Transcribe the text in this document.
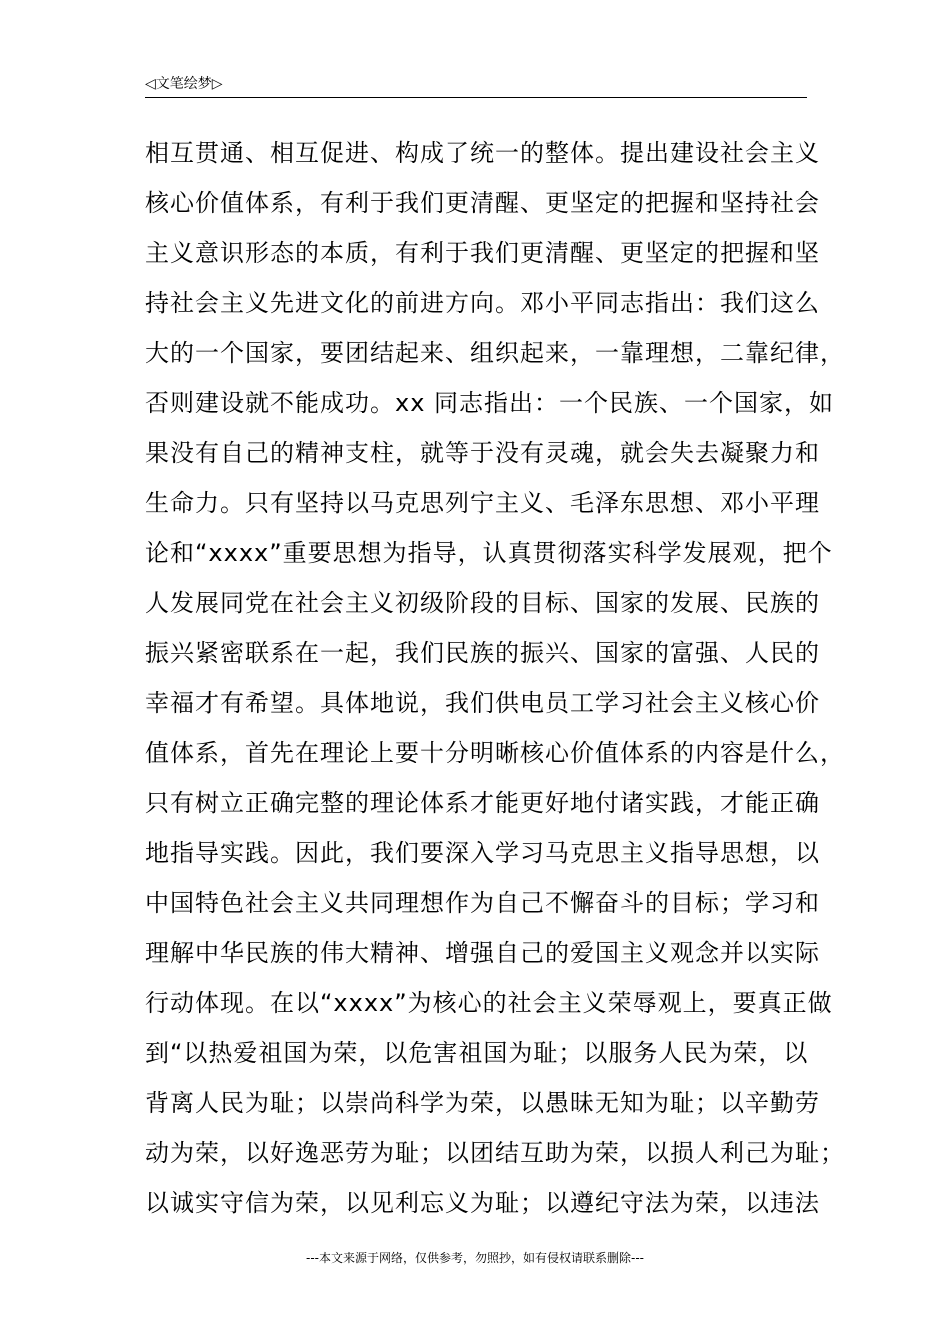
◁文笔绘梦▷
相互贯通、相互促进、构成了统一的整体。提出建设社会主义
核心价值体系，有利于我们更清醒、更坚定的把握和坚持社会
主义意识形态的本质，有利于我们更清醒、更坚定的把握和坚
持社会主义先进文化的前进方向。邓小平同志指出：我们这么
大的一个国家，要团结起来、组织起来，一靠理想，二靠纪律，
否则建设就不能成功。xx 同志指出：一个民族、一个国家，如
果没有自己的精神支柱，就等于没有灵魂，就会失去凝聚力和
生命力。只有坚持以马克思列宁主义、毛泽东思想、邓小平理
论和“xxxx”重要思想为指导，认真贯彻落实科学发展观，把个
人发展同党在社会主义初级阶段的目标、国家的发展、民族的
振兴紧密联系在一起，我们民族的振兴、国家的富强、人民的
幸福才有希望。具体地说，我们供电员工学习社会主义核心价
值体系，首先在理论上要十分明晰核心价值体系的内容是什么，
只有树立正确完整的理论体系才能更好地付诸实践，才能正确
地指导实践。因此，我们要深入学习马克思主义指导思想，以
中国特色社会主义共同理想作为自己不懈奋斗的目标；学习和
理解中华民族的伟大精神、增强自己的爱国主义观念并以实际
行动体现。在以“xxxx”为核心的社会主义荣辱观上，要真正做
到“以热爱祖国为荣，以危害祖国为耻；以服务人民为荣，以
背离人民为耻；以崇尚科学为荣，以愚昧无知为耻；以辛勤劳
动为荣，以好逸恶劳为耻；以团结互助为荣，以损人利己为耻；
以诚实守信为荣，以见利忘义为耻；以遵纪守法为荣，以违法
---本文来源于网络，仅供参考，勿照抄，如有侵权请联系删除---
